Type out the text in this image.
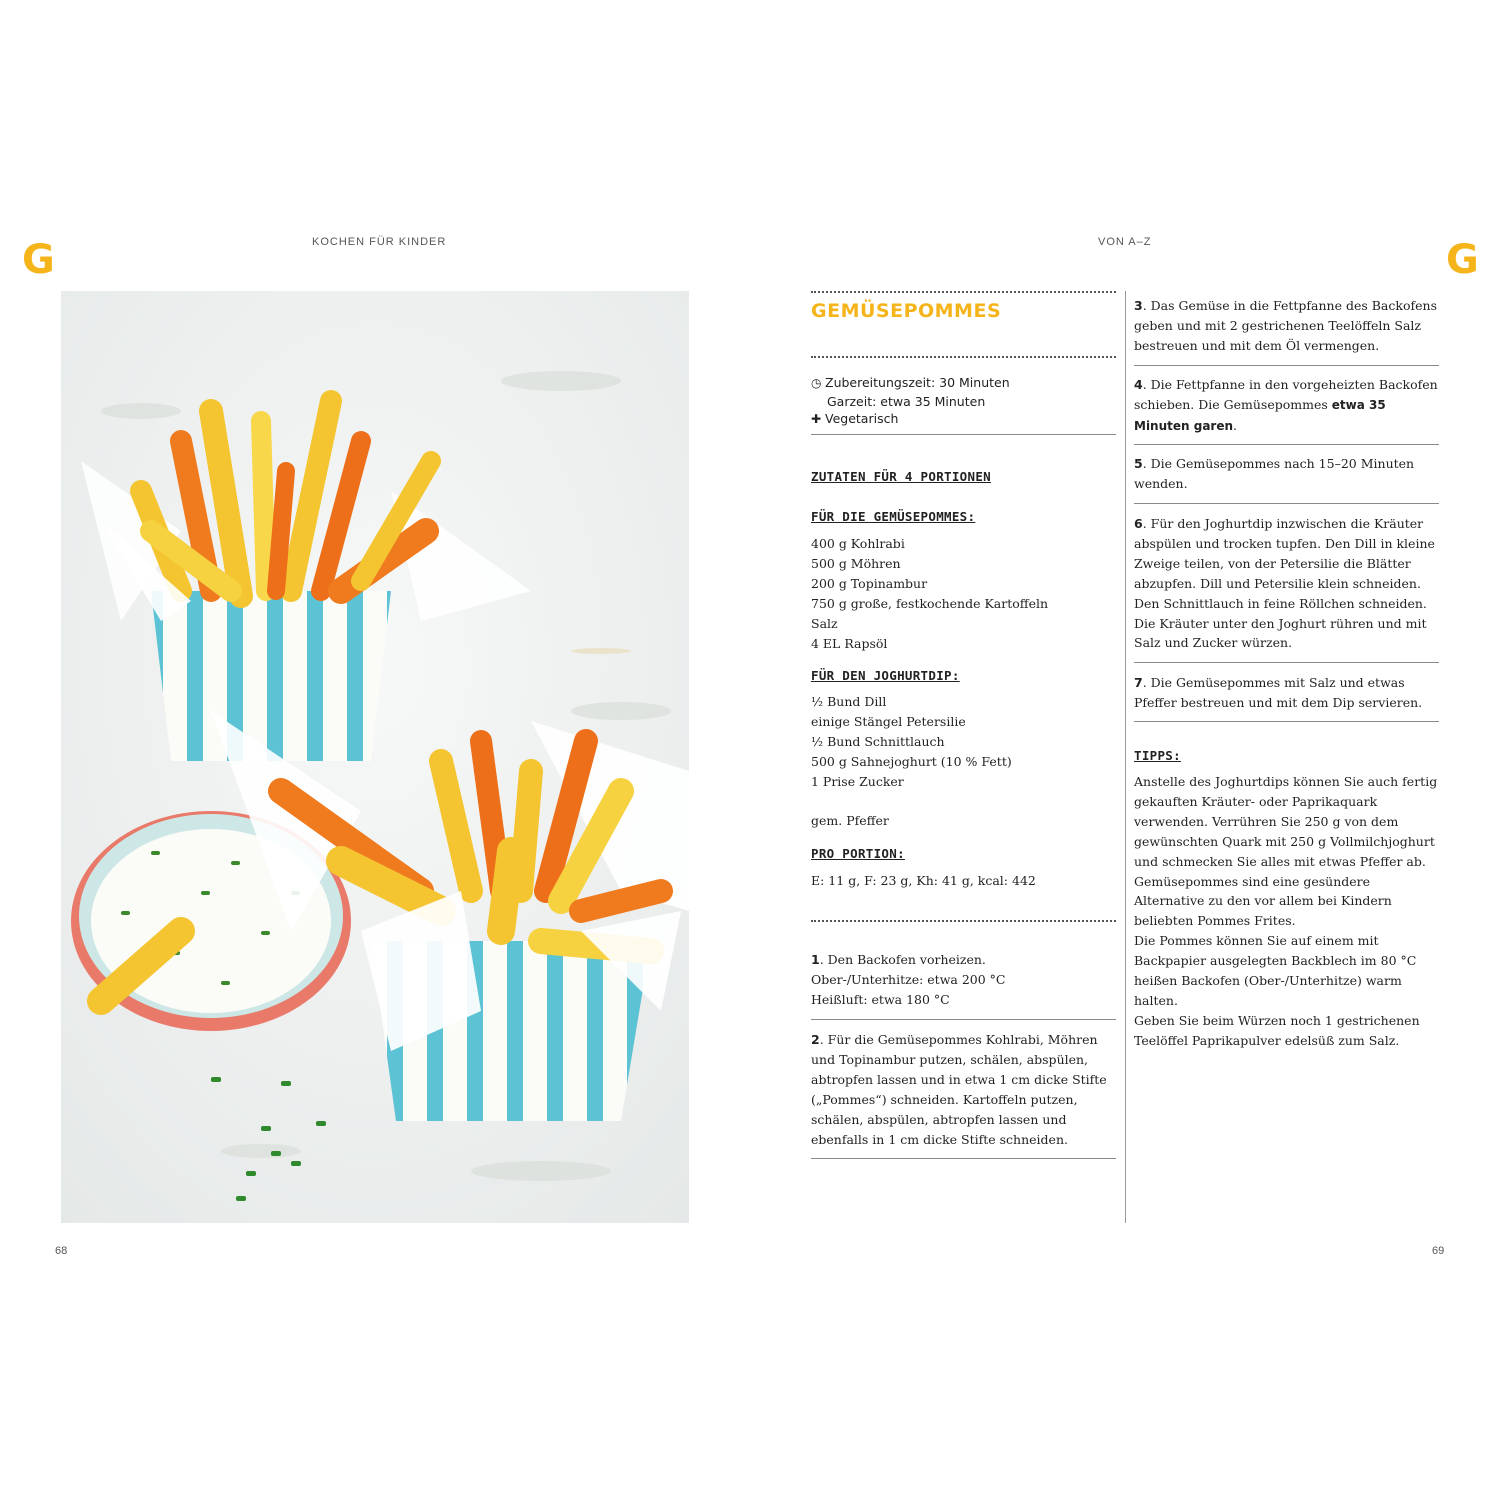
G	KOCHEN FÜR KINDER
68
VON A–Z	G
GEMÜSEPOMMES
◷ Zubereitungszeit: 30 Minuten
Garzeit: etwa 35 Minuten
✚ Vegetarisch
ZUTATEN FÜR 4 PORTIONEN
FÜR DIE GEMÜSEPOMMES:
400 g Kohlrabi
500 g Möhren
200 g Topinambur
750 g große, festkochende Kartoffeln
Salz
4 EL Rapsöl
FÜR DEN JOGHURTDIP:
½ Bund Dill
einige Stängel Petersilie
½ Bund Schnittlauch
500 g Sahnejoghurt (10 % Fett)
1 Prise Zucker
gem. Pfeffer
PRO PORTION:
E: 11 g, F: 23 g, Kh: 41 g, kcal: 442
1. Den Backofen vorheizen.
Ober-/Unterhitze: etwa 200 °C
Heißluft: etwa 180 °C
2. Für die Gemüsepommes Kohlrabi, Möhren und Topinambur putzen, schälen, abspülen, abtropfen lassen und in etwa 1 cm dicke Stifte („Pommes“) schneiden. Kartoffeln putzen, schälen, abspülen, abtropfen lassen und ebenfalls in 1 cm dicke Stifte schneiden.
3. Das Gemüse in die Fettpfanne des Backofens geben und mit 2 gestrichenen Teelöffeln Salz bestreuen und mit dem Öl vermengen.
4. Die Fettpfanne in den vorgeheizten Backofen schieben. Die Gemüsepommes etwa 35 Minuten garen.
5. Die Gemüsepommes nach 15–20 Minuten wenden.
6. Für den Joghurtdip inzwischen die Kräuter abspülen und trocken tupfen. Den Dill in kleine Zweige teilen, von der Petersilie die Blätter abzupfen. Dill und Petersilie klein schneiden. Den Schnittlauch in feine Röllchen schneiden. Die Kräuter unter den Joghurt rühren und mit Salz und Zucker würzen.
7. Die Gemüsepommes mit Salz und etwas Pfeffer bestreuen und mit dem Dip servieren.
TIPPS:
Anstelle des Joghurtdips können Sie auch fertig gekauften Kräuter- oder Paprikaquark verwenden. Verrühren Sie 250 g von dem gewünschten Quark mit 250 g Vollmilchjoghurt und schmecken Sie alles mit etwas Pfeffer ab.
Gemüsepommes sind eine gesündere Alternative zu den vor allem bei Kindern beliebten Pommes Frites.
Die Pommes können Sie auf einem mit Backpapier ausgelegten Backblech im 80 °C heißen Backofen (Ober-/Unterhitze) warm halten.
Geben Sie beim Würzen noch 1 gestrichenen Teelöffel Paprikapulver edelsüß zum Salz.
69
